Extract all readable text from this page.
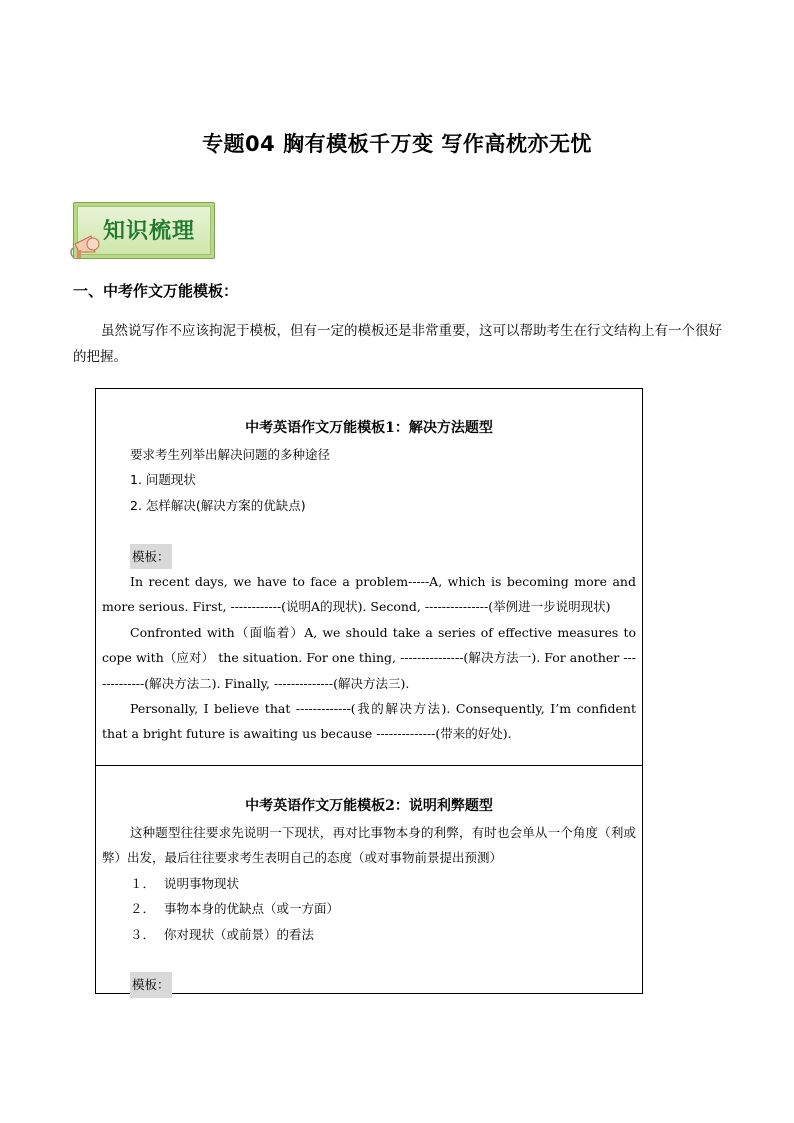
专题04 胸有模板千万变 写作高枕亦无忧
知识梳理
一、中考作文万能模板：
虽然说写作不应该拘泥于模板，但有一定的模板还是非常重要，这可以帮助考生在行文结构上有一个很好的把握。
中考英语作文万能模板1：解决方法题型
要求考生列举出解决问题的多种途径
1. 问题现状
2. 怎样解决(解决方案的优缺点)

模板：
In recent days, we have to face a problem-----A, which is becoming more and more serious. First, ------------(说明A的现状). Second, ---------------(举例进一步说明现状)
Confronted with（面临着）A, we should take a series of effective measures to cope with（应对） the situation. For one thing, ---------------(解决方法一). For another -------------(解决方法二). Finally, --------------(解决方法三).
Personally, I believe that -------------(我的解决方法). Consequently, I’m confident that a bright future is awaiting us because --------------(带来的好处).
中考英语作文万能模板2：说明利弊题型
这种题型往往要求先说明一下现状，再对比事物本身的利弊，有时也会单从一个角度（利或弊）出发，最后往往要求考生表明自己的态度（或对事物前景提出预测）
１． 说明事物现状
２． 事物本身的优缺点（或一方面）
３． 你对现状（或前景）的看法

模板：
